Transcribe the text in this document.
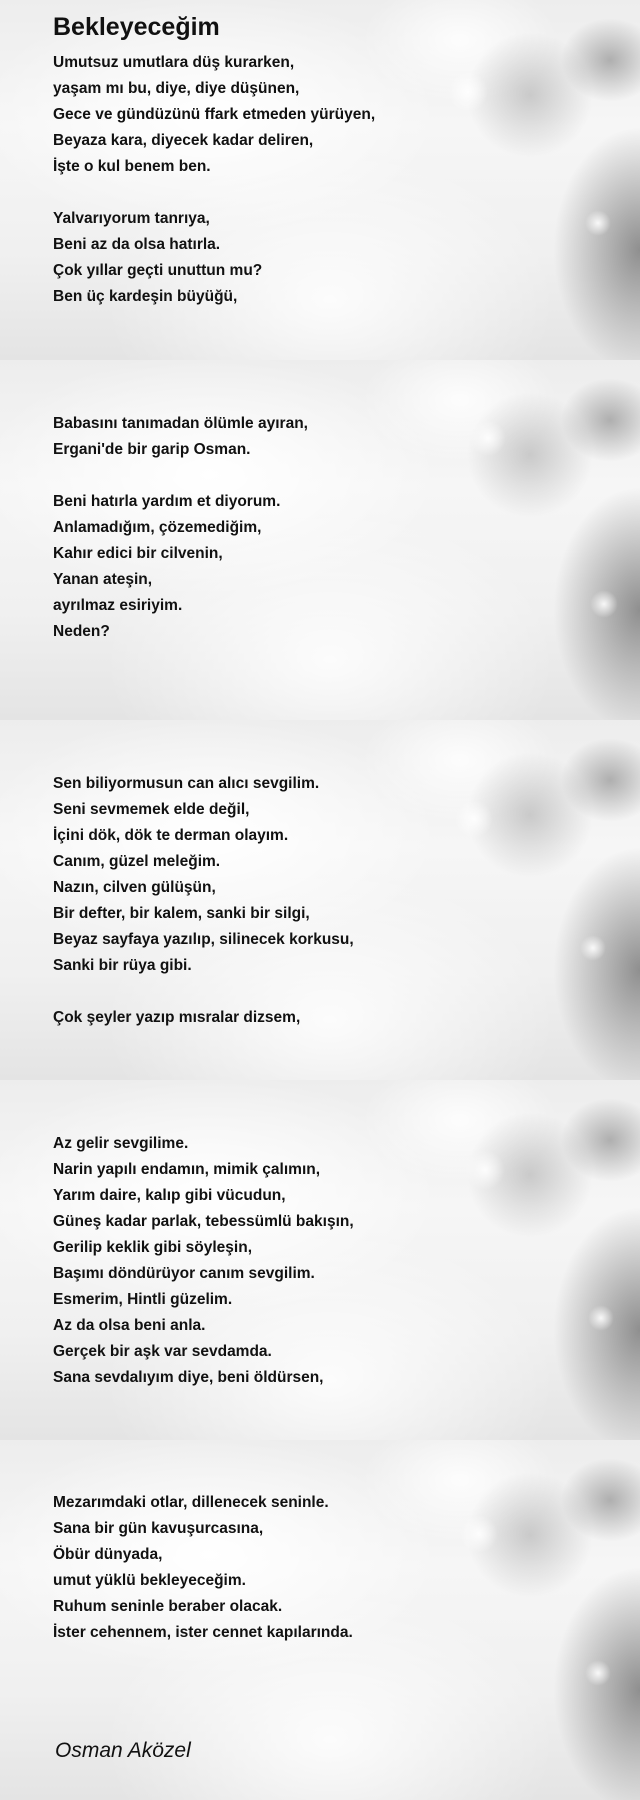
Bekleyeceğim
Umutsuz umutlara düş kurarken,
yaşam mı bu, diye, diye düşünen,
Gece ve gündüzünü ffark etmeden yürüyen,
Beyaza kara, diyecek kadar deliren,
İşte o kul benem ben.
Yalvarıyorum tanrıya,
Beni az da olsa hatırla.
Çok yıllar geçti unuttun mu?
Ben üç kardeşin büyüğü,
Babasını tanımadan ölümle ayıran,
Ergani'de bir garip Osman.
Beni hatırla yardım et diyorum.
Anlamadığım, çözemediğim,
Kahır edici bir cilvenin,
Yanan ateşin,
ayrılmaz esiriyim.
Neden?
Sen biliyormusun can alıcı sevgilim.
Seni sevmemek elde değil,
İçini dök, dök te derman olayım.
Canım, güzel meleğim.
Nazın, cilven gülüşün,
Bir defter, bir kalem, sanki bir silgi,
Beyaz sayfaya yazılıp, silinecek korkusu,
Sanki bir rüya gibi.
Çok şeyler yazıp mısralar dizsem,
Az gelir sevgilime.
Narin yapılı endamın, mimik çalımın,
Yarım daire, kalıp gibi vücudun,
Güneş kadar parlak, tebessümlü bakışın,
Gerilip keklik gibi söyleşin,
Başımı döndürüyor canım sevgilim.
Esmerim, Hintli güzelim.
Az da olsa beni anla.
Gerçek bir aşk var sevdamda.
Sana sevdalıyım diye, beni öldürsen,
Mezarımdaki otlar, dillenecek seninle.
Sana bir gün kavuşurcasına,
Öbür dünyada,
umut yüklü bekleyeceğim.
Ruhum seninle beraber olacak.
İster cehennem, ister cennet kapılarında.
Osman Aközel
